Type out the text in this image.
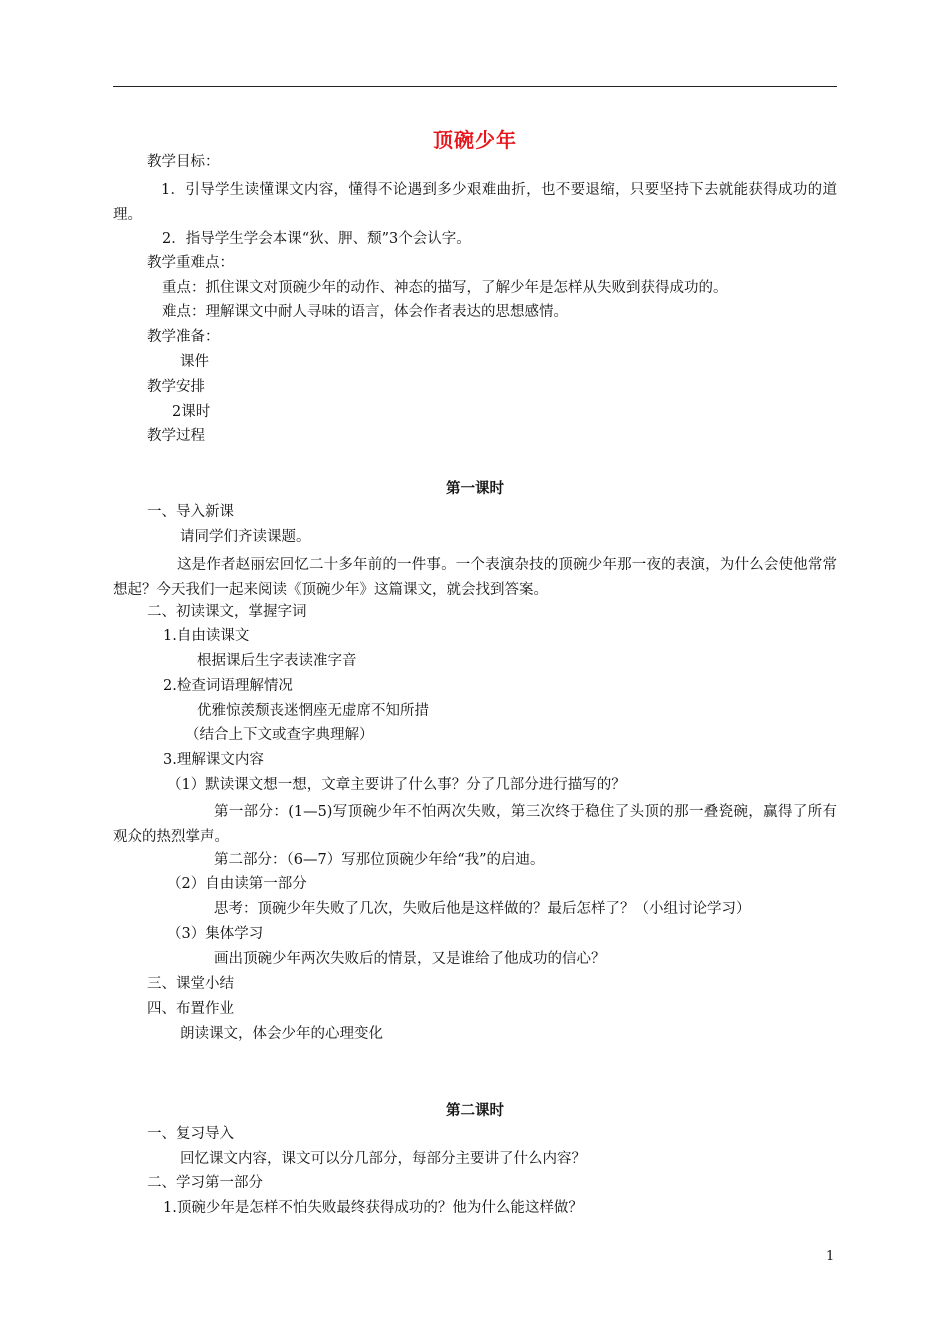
顶碗少年
教学目标：
1．引导学生读懂课文内容，懂得不论遇到多少艰难曲折，也不要退缩，只要坚持下去就能获得成功的道理。
2．指导学生学会本课“狄、胛、颓”3个会认字。
教学重难点：
重点：抓住课文对顶碗少年的动作、神态的描写，了解少年是怎样从失败到获得成功的。
难点：理解课文中耐人寻味的语言，体会作者表达的思想感情。
教学准备：
课件
教学安排
2课时
教学过程
第一课时
一、导入新课
请同学们齐读课题。
这是作者赵丽宏回忆二十多年前的一件事。一个表演杂技的顶碗少年那一夜的表演，为什么会使他常常想起？今天我们一起来阅读《顶碗少年》这篇课文，就会找到答案。
二、初读课文，掌握字词
1.自由读课文
根据课后生字表读准字音
2.检查词语理解情况
优雅惊羡颓丧迷惘座无虚席不知所措
（结合上下文或查字典理解）
3.理解课文内容
（1）默读课文想一想，文章主要讲了什么事？分了几部分进行描写的？
第一部分：(1—5)写顶碗少年不怕两次失败，第三次终于稳住了头顶的那一叠瓷碗，赢得了所有观众的热烈掌声。
第二部分：（6—7）写那位顶碗少年给“我”的启迪。
（2）自由读第一部分
思考：顶碗少年失败了几次，失败后他是这样做的？最后怎样了？（小组讨论学习）
（3）集体学习
画出顶碗少年两次失败后的情景，又是谁给了他成功的信心？
三、课堂小结
四、布置作业
朗读课文，体会少年的心理变化
第二课时
一、复习导入
回忆课文内容，课文可以分几部分，每部分主要讲了什么内容？
二、学习第一部分
1.顶碗少年是怎样不怕失败最终获得成功的？他为什么能这样做？
1
